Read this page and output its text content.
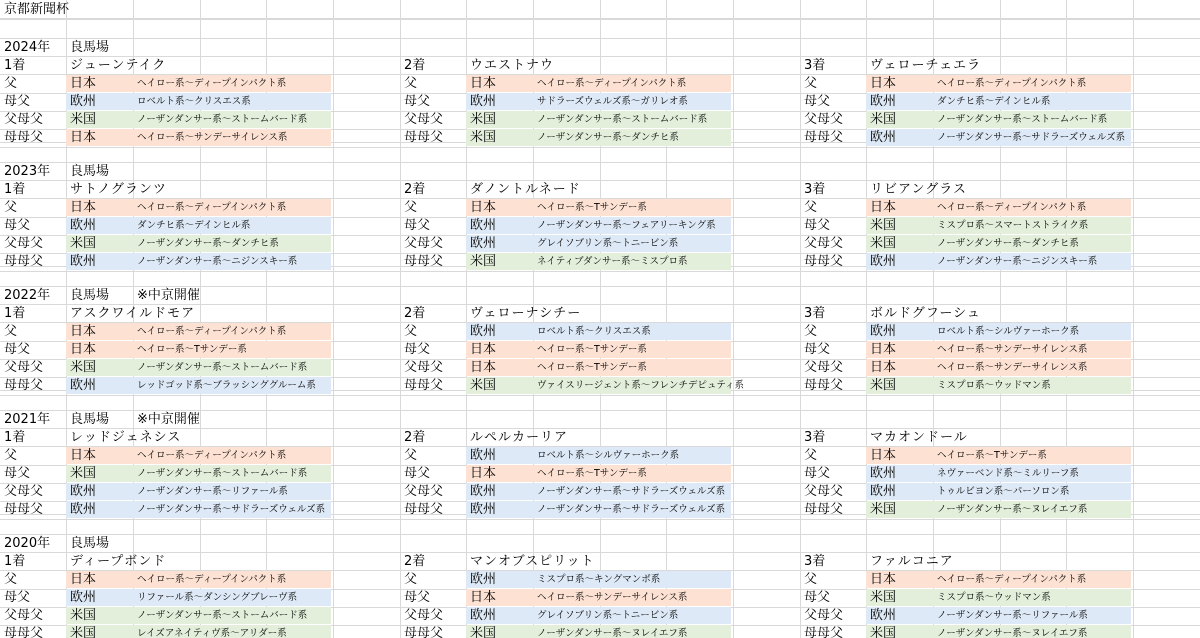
京都新聞杯
2024年	良馬場
1着	ジューンテイク
父	日本	ヘイロー系～ディープインパクト系
母父	欧州	ロベルト系～クリスエス系
父母父	米国	ノーザンダンサー系～ストームバード系
母母父	日本	ヘイロー系～サンデーサイレンス系
2着	ウエストナウ
父	日本	ヘイロー系～ディープインパクト系
母父	欧州	サドラーズウェルズ系～ガリレオ系
父母父	米国	ノーザンダンサー系～ストームバード系
母母父	米国	ノーザンダンサー系～ダンチヒ系
3着	ヴェローチェエラ
父	日本	ヘイロー系～ディープインパクト系
母父	欧州	ダンチヒ系～デインヒル系
父母父	米国	ノーザンダンサー系～ストームバード系
母母父	欧州	ノーザンダンサー系～サドラーズウェルズ系
2023年	良馬場
1着	サトノグランツ
父	日本	ヘイロー系～ディープインパクト系
母父	欧州	ダンチヒ系～デインヒル系
父母父	米国	ノーザンダンサー系～ダンチヒ系
母母父	欧州	ノーザンダンサー系～ニジンスキー系
2着	ダノントルネード
父	日本	ヘイロー系～Tサンデー系
母父	欧州	ノーザンダンサー系～フェアリーキング系
父母父	欧州	グレイソブリン系～トニービン系
母母父	米国	ネイティブダンサー系～ミスプロ系
3着	リビアングラス
父	日本	ヘイロー系～ディープインパクト系
母父	米国	ミスプロ系～スマートストライク系
父母父	米国	ノーザンダンサー系～ダンチヒ系
母母父	欧州	ノーザンダンサー系～ニジンスキー系
2022年	良馬場	※中京開催
1着	アスクワイルドモア
父	日本	ヘイロー系～ディープインパクト系
母父	日本	ヘイロー系～Tサンデー系
父母父	米国	ノーザンダンサー系～ストームバード系
母母父	欧州	レッドゴッド系～ブラッシンググルーム系
2着	ヴェローナシチー
父	欧州	ロベルト系～クリスエス系
母父	日本	ヘイロー系～Tサンデー系
父母父	日本	ヘイロー系～Tサンデー系
母母父	米国	ヴァイスリージェント系～フレンチデピュティ系
3着	ボルドグフーシュ
父	欧州	ロベルト系～シルヴァーホーク系
母父	日本	ヘイロー系～サンデーサイレンス系
父母父	日本	ヘイロー系～サンデーサイレンス系
母母父	米国	ミスプロ系～ウッドマン系
2021年	良馬場	※中京開催
1着	レッドジェネシス
父	日本	ヘイロー系～ディープインパクト系
母父	米国	ノーザンダンサー系～ストームバード系
父母父	欧州	ノーザンダンサー系～リファール系
母母父	欧州	ノーザンダンサー系～サドラーズウェルズ系
2着	ルペルカーリア
父	欧州	ロベルト系～シルヴァーホーク系
母父	日本	ヘイロー系～Tサンデー系
父母父	欧州	ノーザンダンサー系～サドラーズウェルズ系
母母父	欧州	ノーザンダンサー系～サドラーズウェルズ系
3着	マカオンドール
父	日本	ヘイロー系～Tサンデー系
母父	欧州	ネヴァーベンド系～ミルリーフ系
父母父	欧州	トゥルビヨン系～パーソロン系
母母父	米国	ノーザンダンサー系～ヌレイエフ系
2020年	良馬場
1着	ディープボンド
父	日本	ヘイロー系～ディープインパクト系
母父	欧州	リファール系～ダンシングブレーヴ系
父母父	米国	ノーザンダンサー系～ストームバード系
母母父	米国	レイズアネイティヴ系～アリダー系
2着	マンオブスピリット
父	欧州	ミスプロ系～キングマンボ系
母父	日本	ヘイロー系～サンデーサイレンス系
父母父	欧州	グレイソブリン系～トニービン系
母母父	米国	ノーザンダンサー系～ヌレイエフ系
3着	ファルコニア
父	日本	ヘイロー系～ディープインパクト系
母父	米国	ミスプロ系～ウッドマン系
父母父	欧州	ノーザンダンサー系～リファール系
母母父	米国	ノーザンダンサー系～ヌレイエフ系
